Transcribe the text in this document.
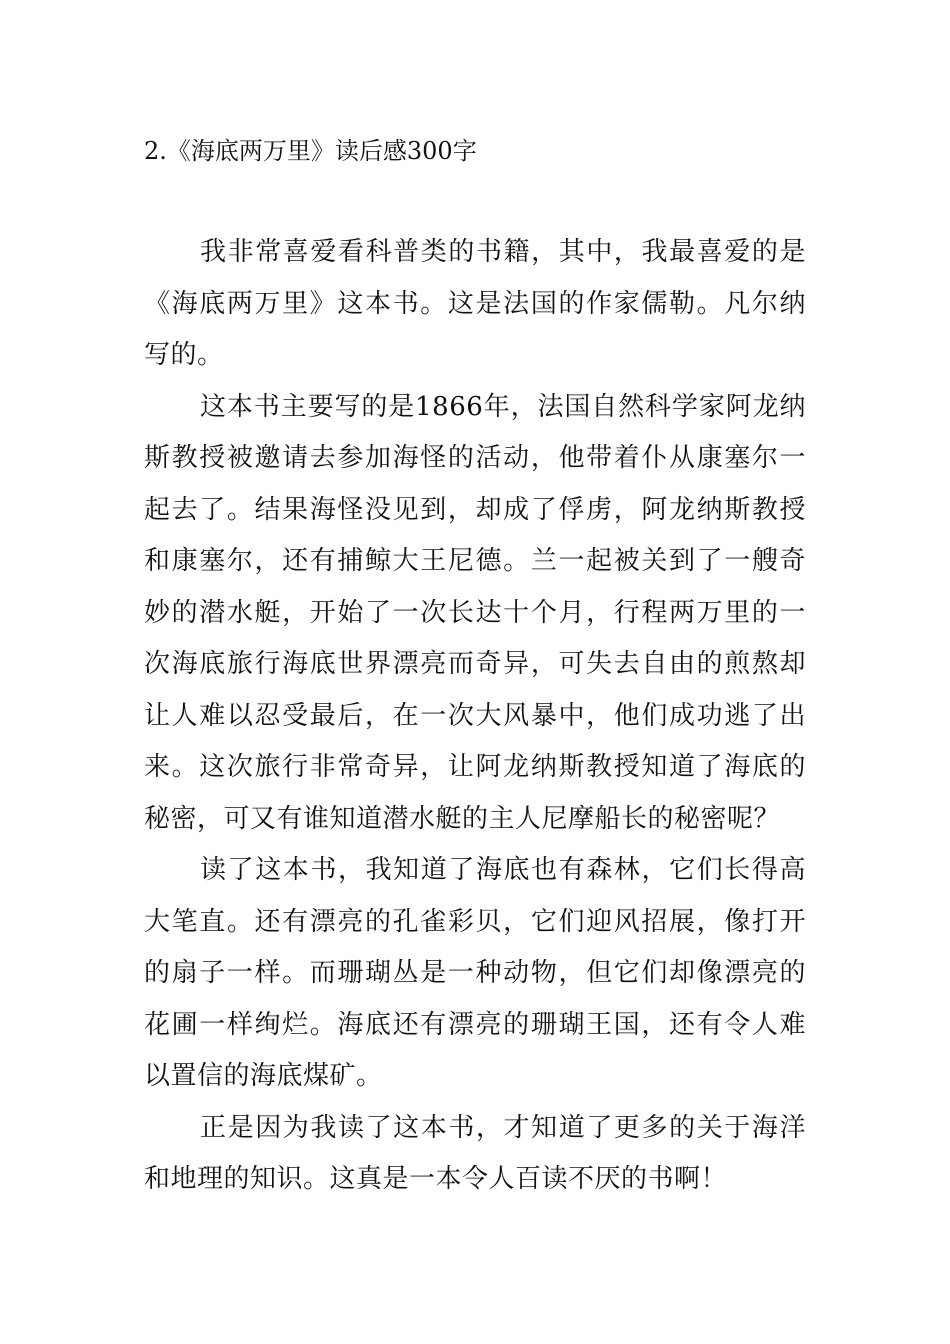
2.《海底两万里》读后感300字

我非常喜爱看科普类的书籍，其中，我最喜爱的是《海底两万里》这本书。这是法国的作家儒勒。凡尔纳写的。

这本书主要写的是1866年，法国自然科学家阿龙纳斯教授被邀请去参加海怪的活动，他带着仆从康塞尔一起去了。结果海怪没见到，却成了俘虏，阿龙纳斯教授和康塞尔，还有捕鲸大王尼德。兰一起被关到了一艘奇妙的潜水艇，开始了一次长达十个月，行程两万里的一次海底旅行海底世界漂亮而奇异，可失去自由的煎熬却让人难以忍受最后，在一次大风暴中，他们成功逃了出来。这次旅行非常奇异，让阿龙纳斯教授知道了海底的秘密，可又有谁知道潜水艇的主人尼摩船长的秘密呢？

读了这本书，我知道了海底也有森林，它们长得高大笔直。还有漂亮的孔雀彩贝，它们迎风招展，像打开的扇子一样。而珊瑚丛是一种动物，但它们却像漂亮的花圃一样绚烂。海底还有漂亮的珊瑚王国，还有令人难以置信的海底煤矿。

正是因为我读了这本书，才知道了更多的关于海洋和地理的知识。这真是一本令人百读不厌的书啊！
